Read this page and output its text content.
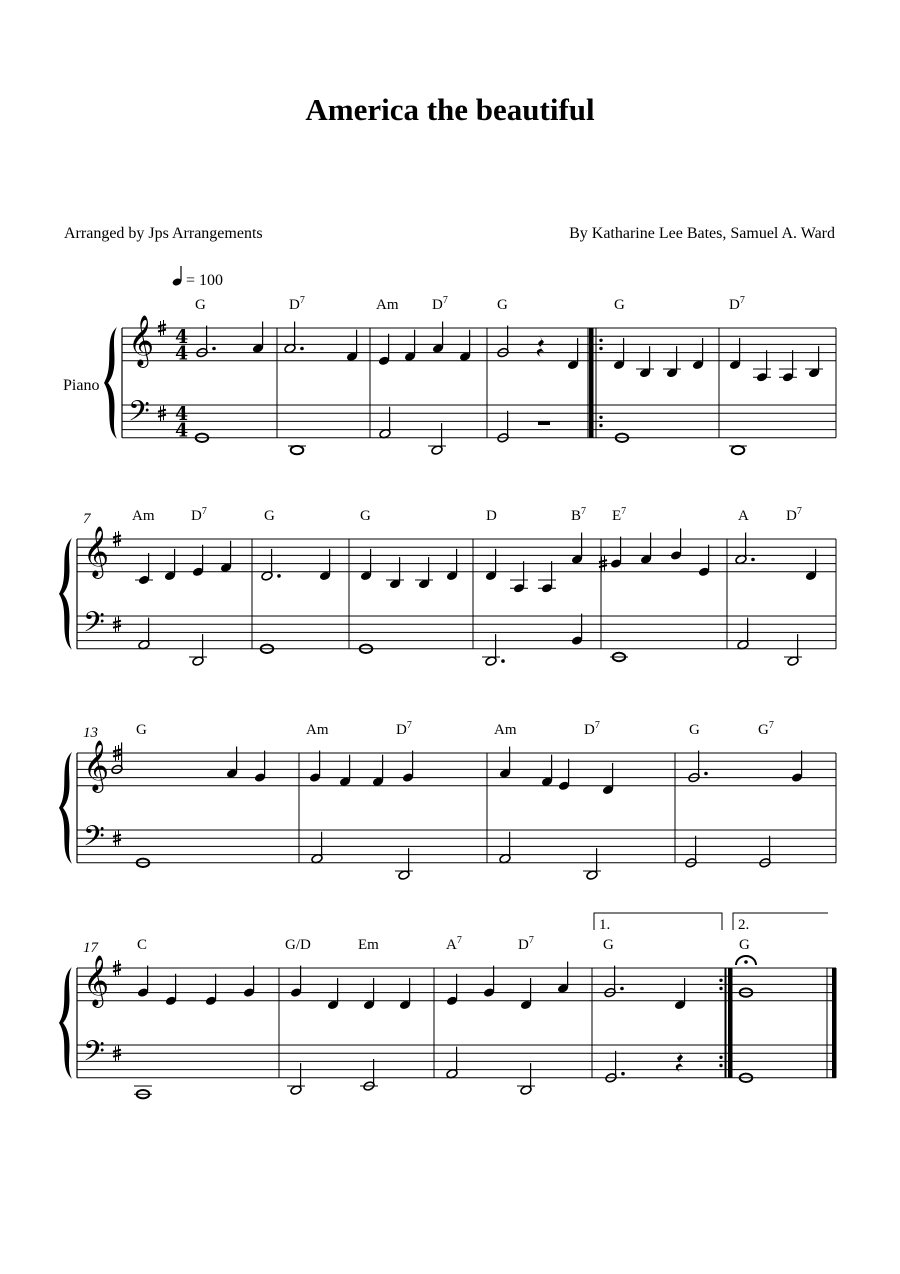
America the beautiful
Arranged by Jps Arrangements	By Katharine Lee Bates, Samuel A. Ward
= 100
Piano
𝄞
𝄢
4
4
4
4
G	$D^7$	Am $D^7$	G	G	$D^7$
𝄞
𝄢
7	Am $D^7$	G	G	D	$B^7$ $E^7$	A $D^7$
𝄞
𝄢
13	G	Am	$D^7$	Am	$D^7$	G	$G^7$
𝄞
𝄢
17	C	G/D	Em	$A^7$	$D^7$	G	G
1.	2.
